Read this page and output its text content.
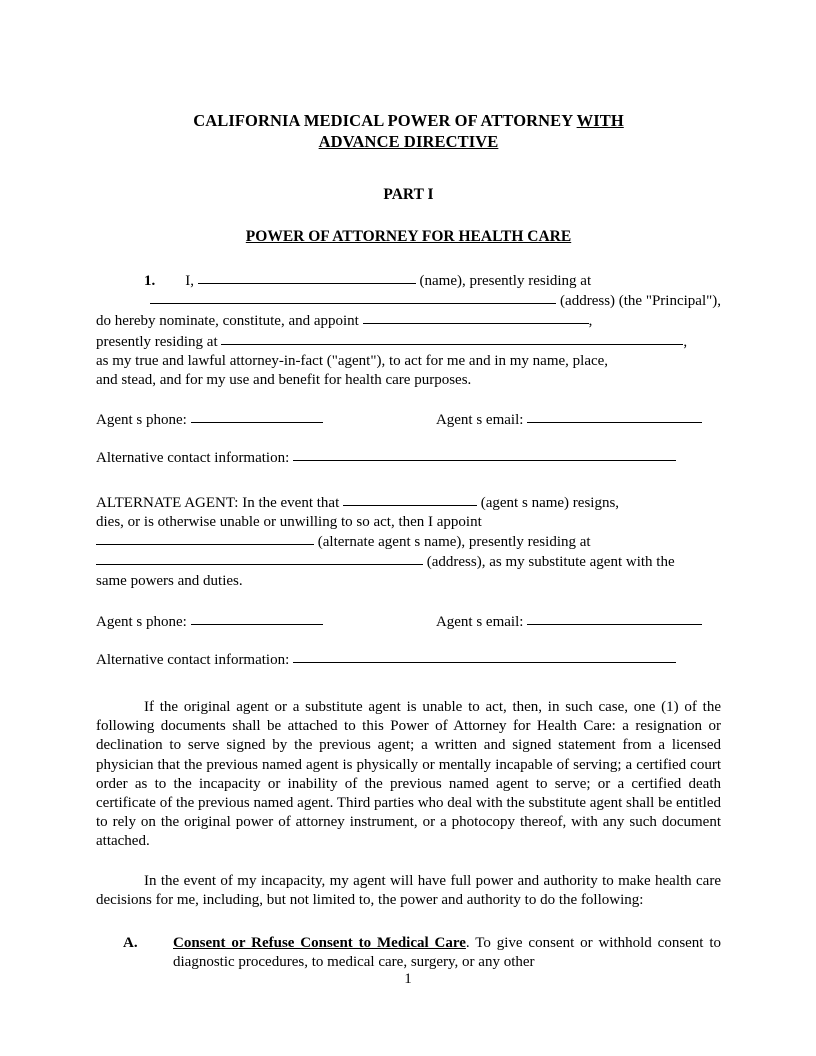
CALIFORNIA MEDICAL POWER OF ATTORNEY WITH
ADVANCE DIRECTIVE
PART I
POWER OF ATTORNEY FOR HEALTH CARE
1. I,	(name), presently residing at
(address) (the "Principal"),
do hereby nominate, constitute, and appoint	,
presently residing at	,
as my true and lawful attorney-in-fact ("agent"), to act for me and in my name, place,
and stead, and for my use and benefit for health care purposes.
Agent s phone:	Agent s email:
Alternative contact information:
ALTERNATE AGENT: In the event that	(agent s name) resigns,
dies, or is otherwise unable or unwilling to so act, then I appoint
(alternate agent s name), presently residing at
(address), as my substitute agent with the
same powers and duties.
Agent s phone:	Agent s email:
Alternative contact information:

If the original agent or a substitute agent is unable to act, then, in such case, one (1) of the following documents shall be attached to this Power of Attorney for Health Care: a resignation or declination to serve signed by the previous agent; a written and signed statement from a licensed physician that the previous named agent is physically or mentally incapable of serving; a certified court order as to the incapacity or inability of the previous named agent to serve; or a certified death certificate of the previous named agent. Third parties who deal with the substitute agent shall be entitled to rely on the original power of attorney instrument, or a photocopy thereof, with any such document attached.

In the event of my incapacity, my agent will have full power and authority to make health care decisions for me, including, but not limited to, the power and authority to do the following:

A. Consent or Refuse Consent to Medical Care. To give consent or withhold consent to diagnostic procedures, to medical care, surgery, or any other
1
